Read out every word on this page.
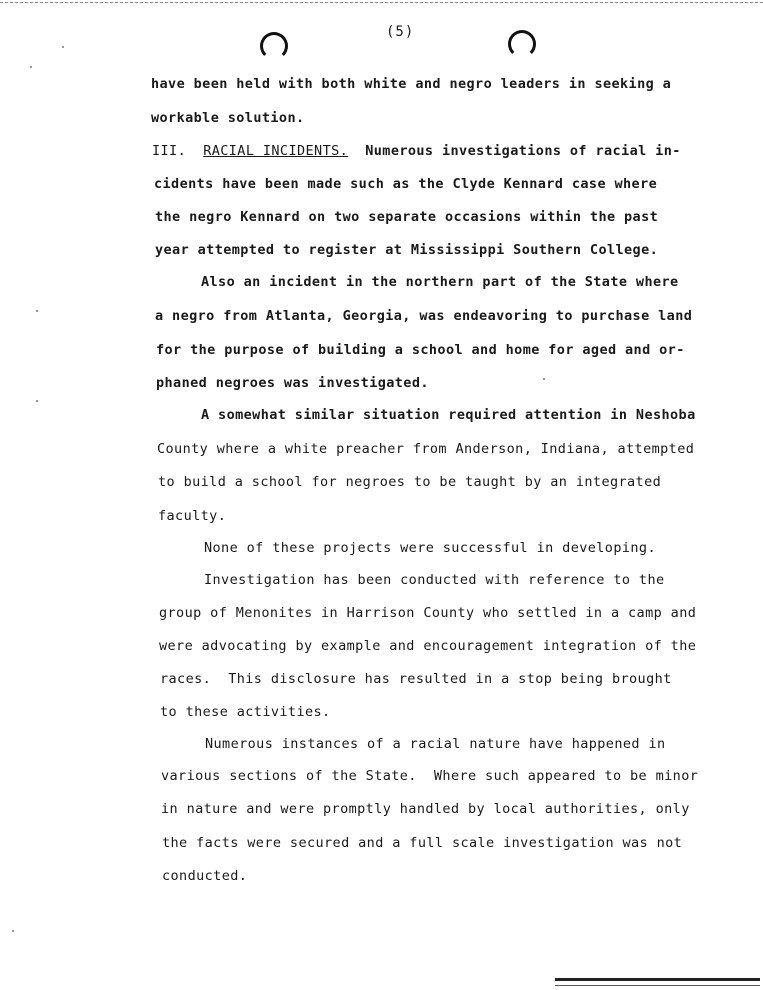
(5)
have been held with both white and negro leaders in seeking a
workable solution.
III. RACIAL INCIDENTS. Numerous investigations of racial in-
cidents have been made such as the Clyde Kennard case where
the negro Kennard on two separate occasions within the past
year attempted to register at Mississippi Southern College.
Also an incident in the northern part of the State where
a negro from Atlanta, Georgia, was endeavoring to purchase land
for the purpose of building a school and home for aged and or-
phaned negroes was investigated.
A somewhat similar situation required attention in Neshoba
County where a white preacher from Anderson, Indiana, attempted
to build a school for negroes to be taught by an integrated
faculty.
None of these projects were successful in developing.
Investigation has been conducted with reference to the
group of Menonites in Harrison County who settled in a camp and
were advocating by example and encouragement integration of the
races.  This disclosure has resulted in a stop being brought
to these activities.
Numerous instances of a racial nature have happened in
various sections of the State.  Where such appeared to be minor
in nature and were promptly handled by local authorities, only
the facts were secured and a full scale investigation was not
conducted.
